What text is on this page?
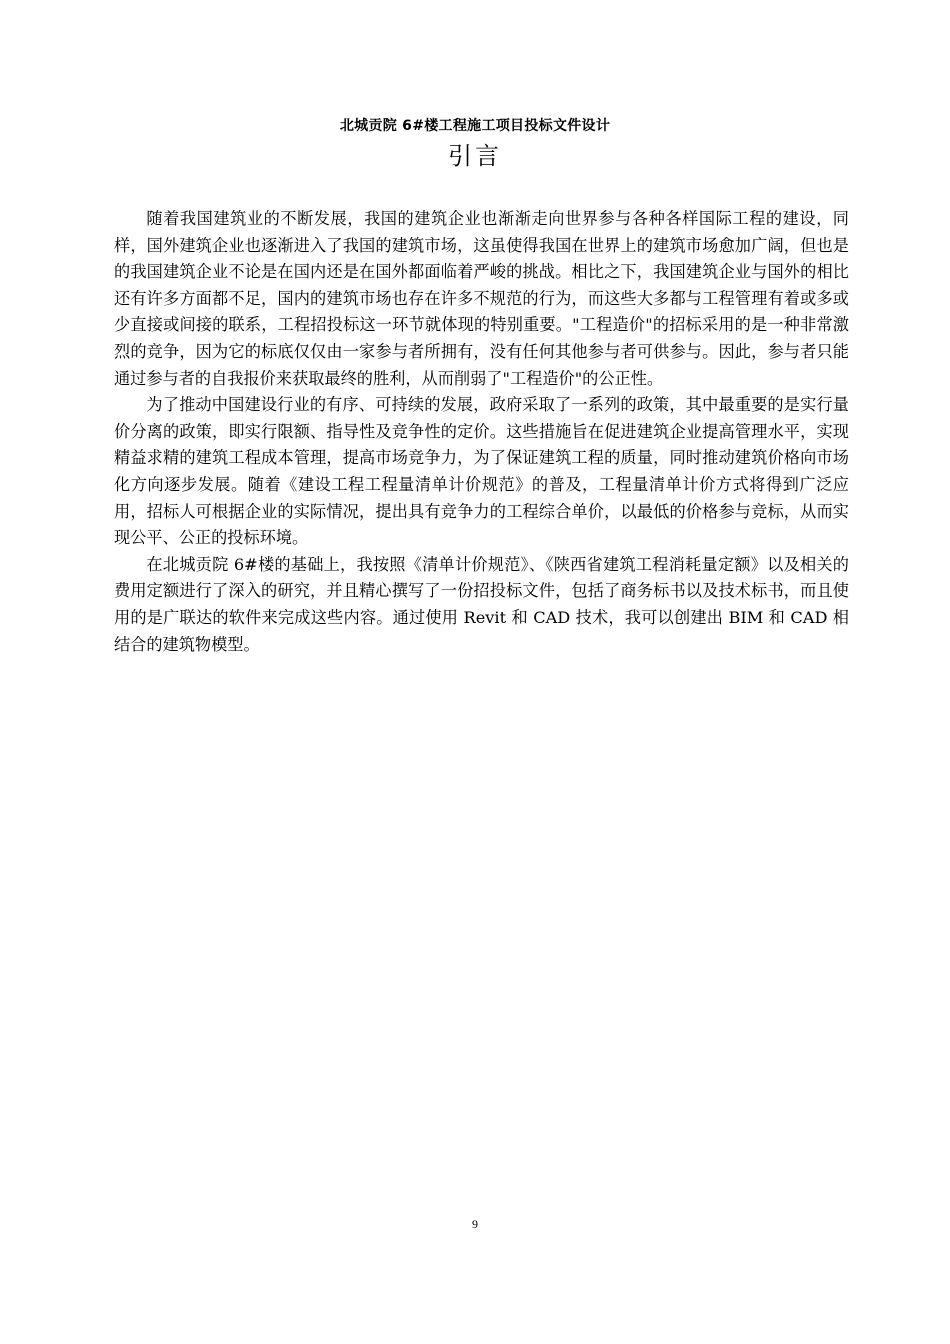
北城贡院 6#楼工程施工项目投标文件设计
引言

随着我国建筑业的不断发展，我国的建筑企业也渐渐走向世界参与各种各样国际工程的建设，同样，国外建筑企业也逐渐进入了我国的建筑市场，这虽使得我国在世界上的建筑市场愈加广阔，但也是的我国建筑企业不论是在国内还是在国外都面临着严峻的挑战。相比之下，我国建筑企业与国外的相比还有许多方面都不足，国内的建筑市场也存在许多不规范的行为，而这些大多都与工程管理有着或多或少直接或间接的联系，工程招投标这一环节就体现的特别重要。"工程造价"的招标采用的是一种非常激烈的竞争，因为它的标底仅仅由一家参与者所拥有，没有任何其他参与者可供参与。因此，参与者只能通过参与者的自我报价来获取最终的胜利，从而削弱了"工程造价"的公正性。

为了推动中国建设行业的有序、可持续的发展，政府采取了一系列的政策，其中最重要的是实行量价分离的政策，即实行限额、指导性及竞争性的定价。这些措施旨在促进建筑企业提高管理水平，实现精益求精的建筑工程成本管理，提高市场竞争力，为了保证建筑工程的质量，同时推动建筑价格向市场化方向逐步发展。随着《建设工程工程量清单计价规范》的普及，工程量清单计价方式将得到广泛应用，招标人可根据企业的实际情况，提出具有竞争力的工程综合单价，以最低的价格参与竞标，从而实现公平、公正的投标环境。

在北城贡院 6#楼的基础上，我按照《清单计价规范》、《陕西省建筑工程消耗量定额》以及相关的费用定额进行了深入的研究，并且精心撰写了一份招投标文件，包括了商务标书以及技术标书，而且使用的是广联达的软件来完成这些内容。通过使用 Revit 和 CAD 技术，我可以创建出 BIM 和 CAD 相结合的建筑物模型。

9
